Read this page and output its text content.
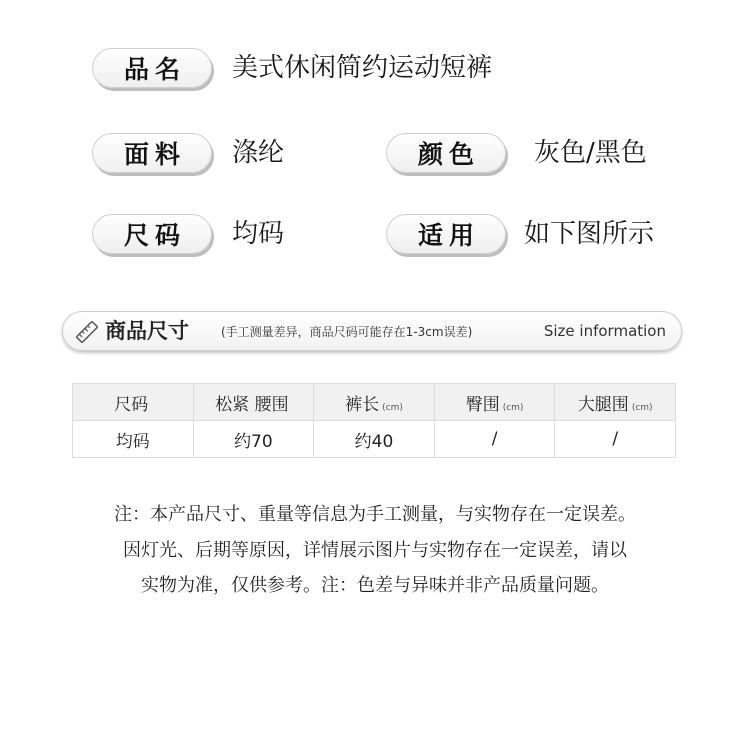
品名	美式休闲简约运动短裤
面料	涤纶	颜色	灰色/黑色
尺码	均码	适用	如下图所示
商品尺寸	(手工测量差异，商品尺码可能存在1-3cm误差)	Size information
尺码	松紧 腰围	裤长 (cm)	臀围 (cm)	大腿围 (cm)
均码	约70	约40	/	/
注：本产品尺寸、重量等信息为手工测量，与实物存在一定误差。
因灯光、后期等原因，详情展示图片与实物存在一定误差，请以
实物为准，仅供参考。注：色差与异味并非产品质量问题。
